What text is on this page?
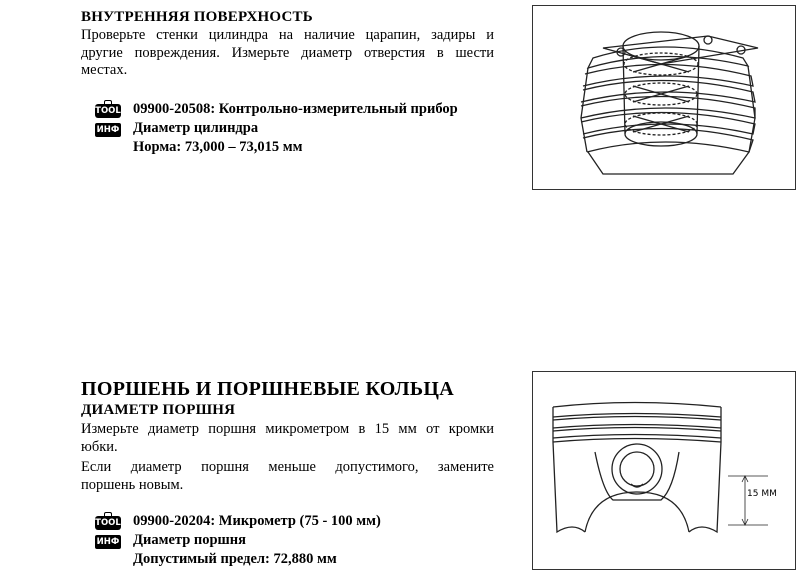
ВНУТРЕННЯЯ ПОВЕРХНОСТЬ
Проверьте стенки цилиндра на наличие царапин, задиры и
другие повреждения. Измерьте диаметр отверстия в шести
местах.
TOOL
ИНФ
09900-20508: Контрольно-измерительный прибор
Диаметр цилиндра
Норма: 73,000 – 73,015 мм
ПОРШЕНЬ И ПОРШНЕВЫЕ КОЛЬЦА
ДИАМЕТР ПОРШНЯ
Измерьте диаметр поршня микрометром в 15 мм от кромки
юбки.
Если диаметр поршня меньше допустимого, замените
поршень новым.
TOOL
ИНФ
09900-20204: Микрометр (75 - 100 мм)
Диаметр поршня
Допустимый предел: 72,880 мм
15 MM
